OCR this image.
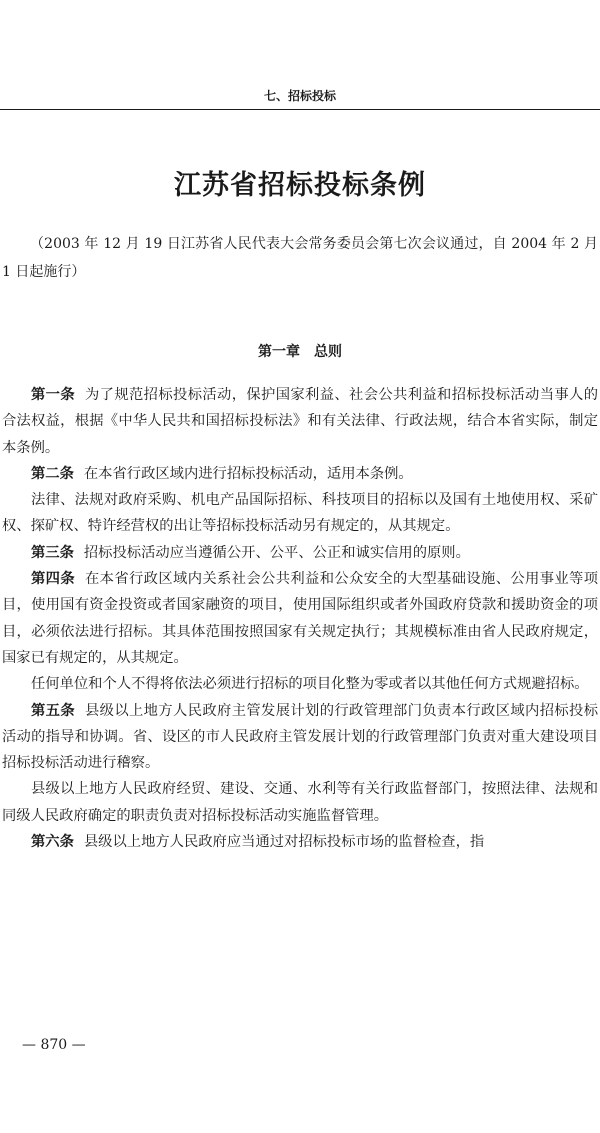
七、招标投标
江苏省招标投标条例

（2003 年 12 月 19 日江苏省人民代表大会常务委员会第七次会议通过，自 2004 年 2 月 1 日起施行）

第一章　总则

第一条 为了规范招标投标活动，保护国家利益、社会公共利益和招标投标活动当事人的合法权益，根据《中华人民共和国招标投标法》和有关法律、行政法规，结合本省实际，制定本条例。

第二条 在本省行政区域内进行招标投标活动，适用本条例。

法律、法规对政府采购、机电产品国际招标、科技项目的招标以及国有土地使用权、采矿权、探矿权、特许经营权的出让等招标投标活动另有规定的，从其规定。

第三条 招标投标活动应当遵循公开、公平、公正和诚实信用的原则。

第四条 在本省行政区域内关系社会公共利益和公众安全的大型基础设施、公用事业等项目，使用国有资金投资或者国家融资的项目，使用国际组织或者外国政府贷款和援助资金的项目，必须依法进行招标。其具体范围按照国家有关规定执行；其规模标准由省人民政府规定，国家已有规定的，从其规定。

任何单位和个人不得将依法必须进行招标的项目化整为零或者以其他任何方式规避招标。

第五条 县级以上地方人民政府主管发展计划的行政管理部门负责本行政区域内招标投标活动的指导和协调。省、设区的市人民政府主管发展计划的行政管理部门负责对重大建设项目招标投标活动进行稽察。

县级以上地方人民政府经贸、建设、交通、水利等有关行政监督部门，按照法律、法规和同级人民政府确定的职责负责对招标投标活动实施监督管理。

第六条 县级以上地方人民政府应当通过对招标投标市场的监督检查，指

— 870 —
